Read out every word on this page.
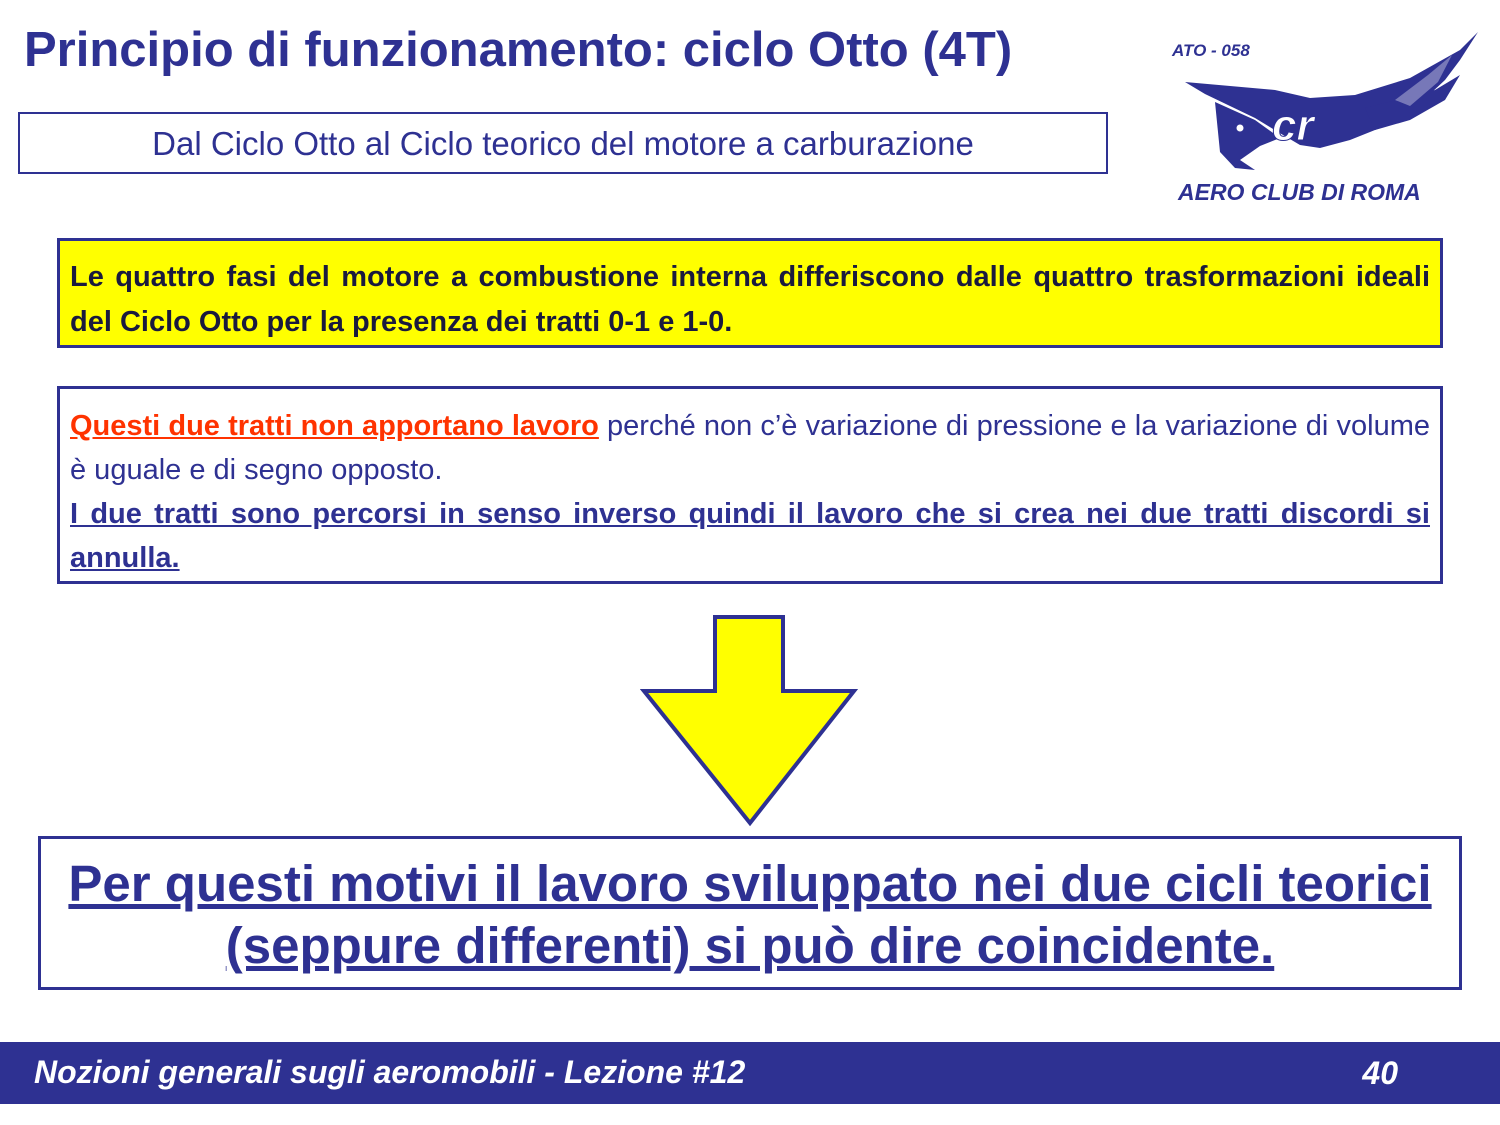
Principio di funzionamento: ciclo Otto (4T)
Dal Ciclo Otto al Ciclo teorico del motore a carburazione
ATO - 058
cr
AERO CLUB DI ROMA
Le quattro fasi del motore a combustione interna differiscono dalle quattro trasformazioni ideali del Ciclo Otto per la presenza dei tratti 0-1 e 1-0.
Questi due tratti non apportano lavoro perché non c’è variazione di pressione e la variazione di volume è uguale e di segno opposto.
I due tratti sono percorsi in senso inverso quindi il lavoro che si crea nei due tratti discordi si annulla.
Per questi motivi il lavoro sviluppato nei due cicli teorici (seppure differenti) si può dire coincidente.
Nozioni generali sugli aeromobili - Lezione #12	40
